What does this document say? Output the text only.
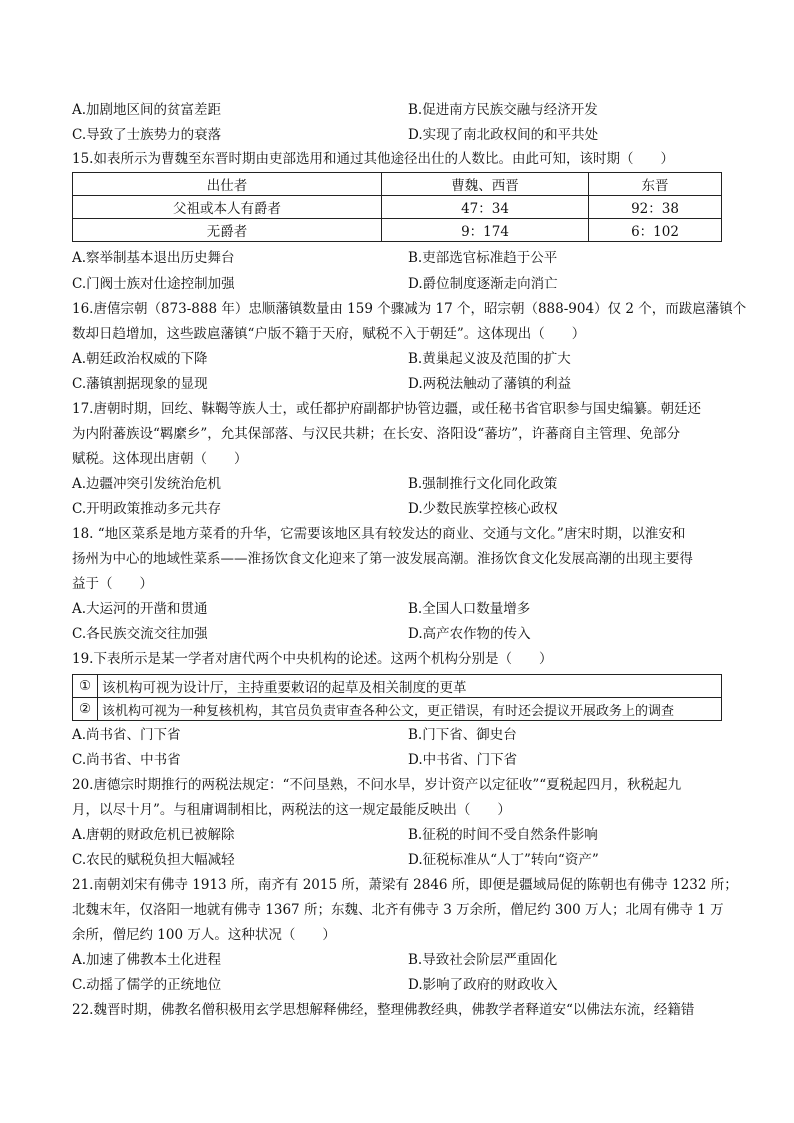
A.加剧地区间的贫富差距	B.促进南方民族交融与经济开发
C.导致了士族势力的衰落	D.实现了南北政权间的和平共处
15.如表所示为曹魏至东晋时期由吏部选用和通过其他途径出仕的人数比。由此可知，该时期（　　）
出仕者	曹魏、西晋	东晋
父祖或本人有爵者	47：34	92：38
无爵者	9：174	6：102
A.察举制基本退出历史舞台	B.吏部选官标准趋于公平
C.门阀士族对仕途控制加强	D.爵位制度逐渐走向消亡
16.唐僖宗朝（873-888 年）忠顺藩镇数量由 159 个骤减为 17 个，昭宗朝（888-904）仅 2 个，而跋扈藩镇个
数却日趋增加，这些跋扈藩镇“户版不籍于天府，赋税不入于朝廷”。这体现出（　　）
A.朝廷政治权威的下降	B.黄巢起义波及范围的扩大
C.藩镇割据现象的显现	D.两税法触动了藩镇的利益
17.唐朝时期，回纥、靺鞨等族人士，或任都护府副都护协管边疆，或任秘书省官职参与国史编纂。朝廷还
为内附蕃族设“羁縻乡”，允其保部落、与汉民共耕；在长安、洛阳设“蕃坊”，许蕃商自主管理、免部分
赋税。这体现出唐朝（　　）
A.边疆冲突引发统治危机	B.强制推行文化同化政策
C.开明政策推动多元共存	D.少数民族掌控核心政权
18. “地区菜系是地方菜肴的升华，它需要该地区具有较发达的商业、交通与文化。”唐宋时期，以淮安和
扬州为中心的地域性菜系——淮扬饮食文化迎来了第一波发展高潮。淮扬饮食文化发展高潮的出现主要得
益于（　　）
A.大运河的开凿和贯通	B.全国人口数量增多
C.各民族交流交往加强	D.高产农作物的传入
19.下表所示是某一学者对唐代两个中央机构的论述。这两个机构分别是（　　）
①	该机构可视为设计厅，主持重要敕诏的起草及相关制度的更革
②	该机构可视为一种复核机构，其官员负责审查各种公文，更正错误，有时还会提议开展政务上的调查
A.尚书省、门下省	B.门下省、御史台
C.尚书省、中书省	D.中书省、门下省
20.唐德宗时期推行的两税法规定：“不问垦熟，不问水旱，岁计资产以定征收”“夏税起四月，秋税起九
月，以尽十月”。与租庸调制相比，两税法的这一规定最能反映出（　　）
A.唐朝的财政危机已被解除	B.征税的时间不受自然条件影响
C.农民的赋税负担大幅减轻	D.征税标准从“人丁”转向“资产”
21.南朝刘宋有佛寺 1913 所，南齐有 2015 所，萧梁有 2846 所，即便是疆域局促的陈朝也有佛寺 1232 所；
北魏末年，仅洛阳一地就有佛寺 1367 所；东魏、北齐有佛寺 3 万余所，僧尼约 300 万人；北周有佛寺 1 万
余所，僧尼约 100 万人。这种状况（　　）
A.加速了佛教本土化进程	B.导致社会阶层严重固化
C.动摇了儒学的正统地位	D.影响了政府的财政收入
22.魏晋时期，佛教名僧积极用玄学思想解释佛经，整理佛教经典，佛教学者释道安“以佛法东流，经籍错
